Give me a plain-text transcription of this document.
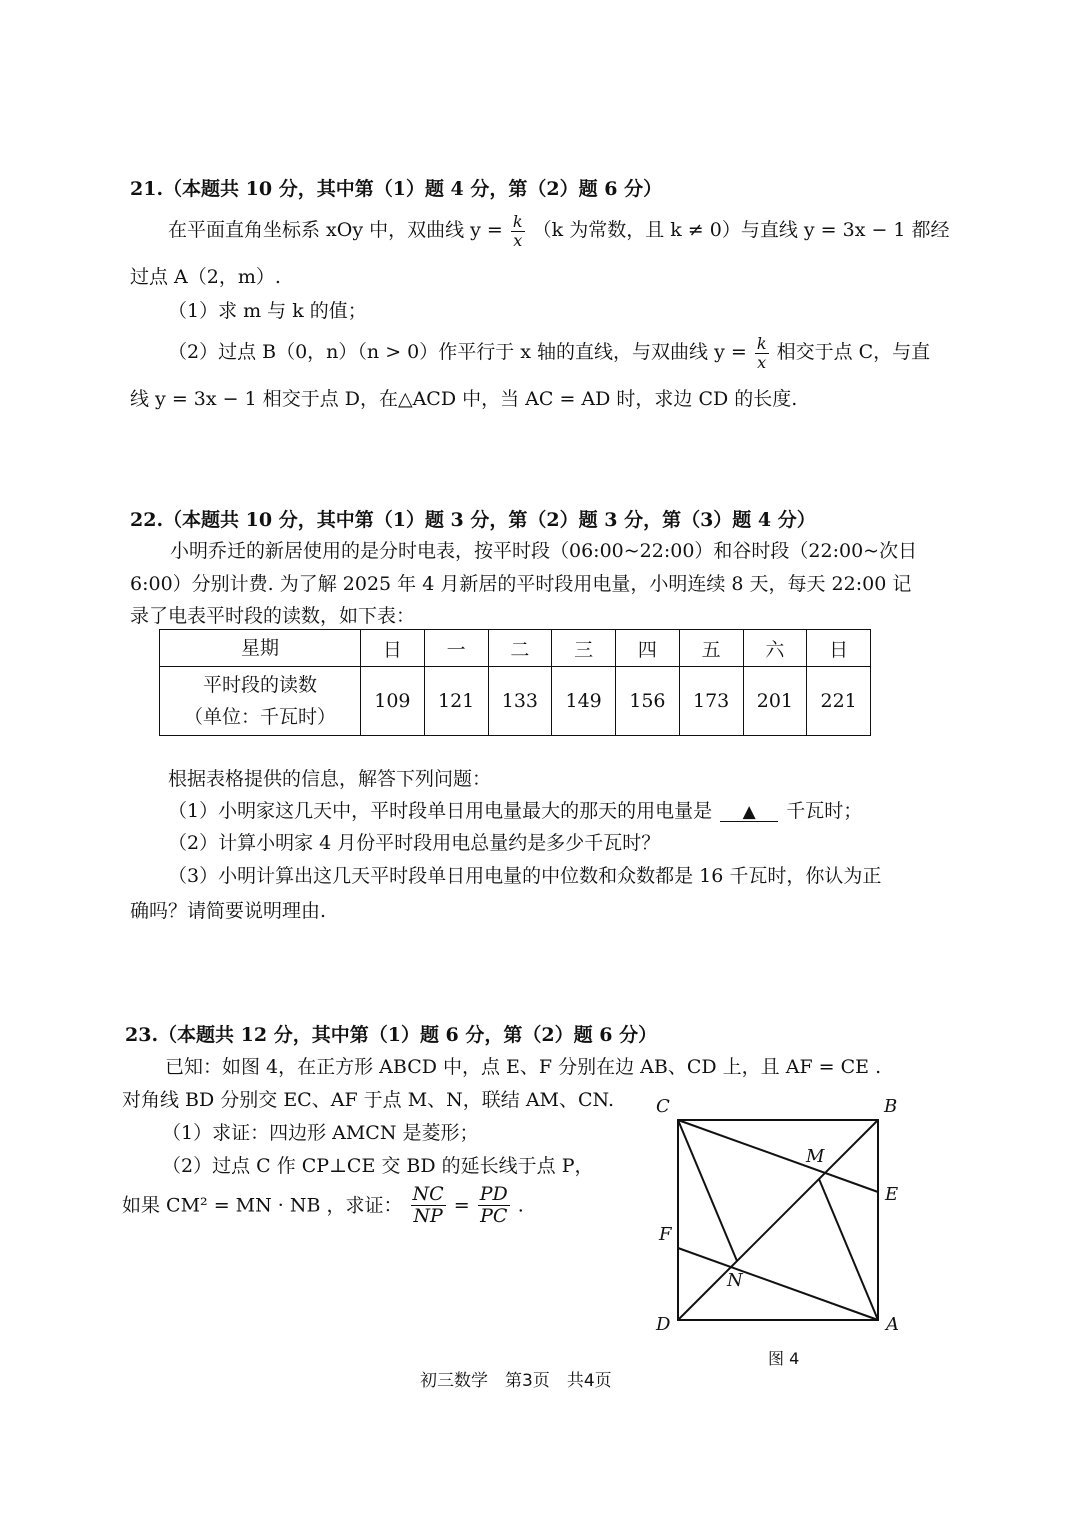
21.（本题共 10 分，其中第（1）题 4 分，第（2）题 6 分）
在平面直角坐标系 xOy 中，双曲线 $y = \frac{k}{x} (k$ 为常数，且 k ≠ 0）与直线 y = 3x − 1 都经
过点 A（2，m）.
（1）求 m 与 k 的值；
（2）过点 B（0，n）（n > 0）作平行于 x 轴的直线，与双曲线 $y = \frac{k}{x}$ 相交于点 C，与直
线 y = 3x − 1 相交于点 D，在△ACD 中，当 AC = AD 时，求边 CD 的长度.
22.（本题共 10 分，其中第（1）题 3 分，第（2）题 3 分，第（3）题 4 分）
小明乔迁的新居使用的是分时电表，按平时段（06:00~22:00）和谷时段（22:00~次日
6:00）分别计费. 为了解 2025 年 4 月新居的平时段用电量，小明连续 8 天，每天 22:00 记
录了电表平时段的读数，如下表：
星期	日	一	二	三	四	五	六	日

平时段的读数
（单位：千瓦时）	109	121	133	149	156	173	201	221
根据表格提供的信息，解答下列问题：
（1）小明家这几天中，平时段单日用电量最大的那天的用电量是 ▲ 千瓦时；
（2）计算小明家 4 月份平时段用电总量约是多少千瓦时？
（3）小明计算出这几天平时段单日用电量的中位数和众数都是 16 千瓦时，你认为正
确吗？请简要说明理由.
23.（本题共 12 分，其中第（1）题 6 分，第（2）题 6 分）
已知：如图 4，在正方形 ABCD 中，点 E、F 分别在边 AB、CD 上，且 AF = CE .
对角线 BD 分别交 EC、AF 于点 M、N，联结 AM、CN.
（1）求证：四边形 AMCN 是菱形；
（2）过点 C 作 CP⊥CE 交 BD 的延长线于点 P，
如果 CM² = MN · NB ，求证： $\frac{NC}{NP} = \frac{PD}{PC}$ .
C	B
E
M
F
N
D	A
图 4
初三数学　第3页　共4页
